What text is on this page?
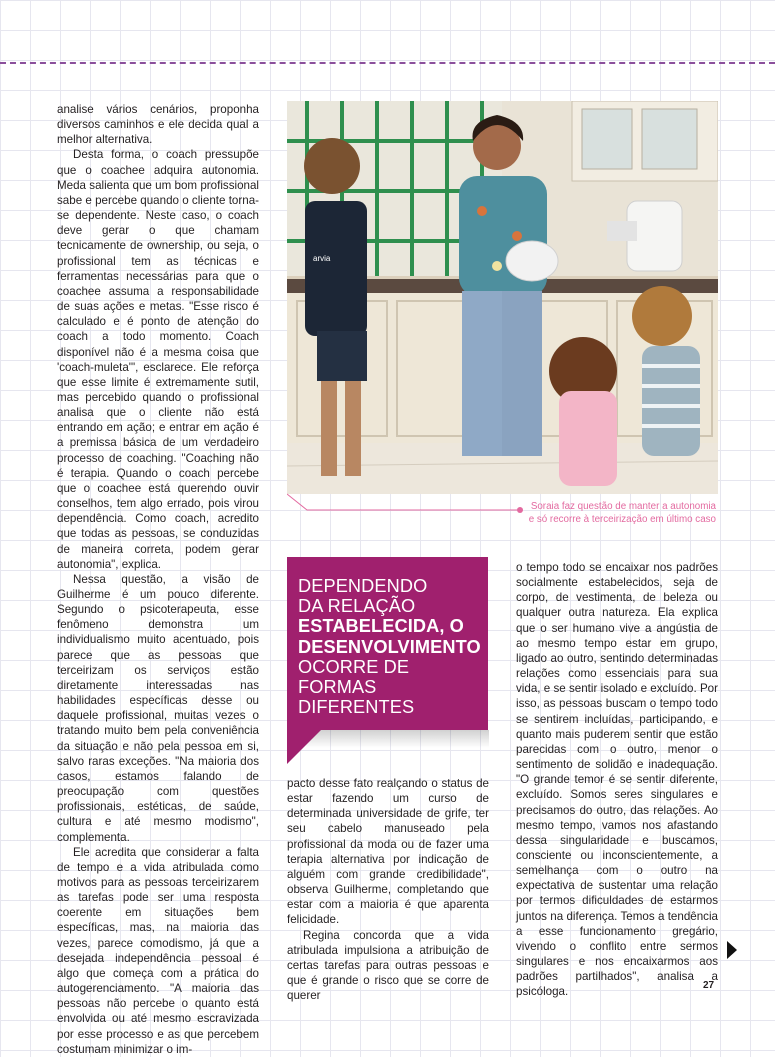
analise vários cenários, proponha diversos caminhos e ele decida qual a melhor alternativa.

Desta forma, o coach pressupõe que o coachee adquira autonomia. Meda salienta que um bom profissional sabe e percebe quando o cliente torna-se dependente. Neste caso, o coach deve gerar o que chamam tecnicamente de ownership, ou seja, o profissional tem as técnicas e ferramentas necessárias para que o coachee assuma a responsabilidade de suas ações e metas. "Esse risco é calculado e é ponto de atenção do coach a todo momento. Coach disponível não é a mesma coisa que 'coach-muleta'", esclarece. Ele reforça que esse limite é extremamente sutil, mas percebido quando o profissional analisa que o cliente não está entrando em ação; e entrar em ação é a premissa básica de um verdadeiro processo de coaching. "Coaching não é terapia. Quando o coach percebe que o coachee está querendo ouvir conselhos, tem algo errado, pois virou dependência. Como coach, acredito que todas as pessoas, se conduzidas de maneira correta, podem gerar autonomia", explica.

Nessa questão, a visão de Guilherme é um pouco diferente. Segundo o psicoterapeuta, esse fenômeno demonstra um individualismo muito acentuado, pois parece que as pessoas que terceirizam os serviços estão diretamente interessadas nas habilidades específicas desse ou daquele profissional, muitas vezes o tratando muito bem pela conveniência da situação e não pela pessoa em si, salvo raras exceções. "Na maioria dos casos, estamos falando de preocupação com questões profissionais, estéticas, de saúde, cultura e até mesmo modismo", complementa.

Ele acredita que considerar a falta de tempo e a vida atribulada como motivos para as pessoas terceirizarem as tarefas pode ser uma resposta coerente em situações bem específicas, mas, na maioria das vezes, parece comodismo, já que a desejada independência pessoal é algo que começa com a prática do autogerenciamento. "A maioria das pessoas não percebe o quanto está envolvida ou até mesmo escravizada por esse processo e as que percebem costumam minimizar o im-

arvia
Soraia faz questão de manter a autonomia
e só recorre à terceirização em último caso
DEPENDENDO
DA RELAÇÃO
ESTABELECIDA, O
DESENVOLVIMENTO
OCORRE DE FORMAS
DIFERENTES

pacto desse fato realçando o status de estar fazendo um curso de determinada universidade de grife, ter seu cabelo manuseado pela profissional da moda ou de fazer uma terapia alternativa por indicação de alguém com grande credibilidade", observa Guilherme, completando que estar com a maioria é que aparenta felicidade.

Regina concorda que a vida atribulada impulsiona a atribuição de certas tarefas para outras pessoas e que é grande o risco que se corre de querer

o tempo todo se encaixar nos padrões socialmente estabelecidos, seja de corpo, de vestimenta, de beleza ou qualquer outra natureza. Ela explica que o ser humano vive a angústia de ao mesmo tempo estar em grupo, ligado ao outro, sentindo determinadas relações como essenciais para sua vida, e se sentir isolado e excluído. Por isso, as pessoas buscam o tempo todo se sentirem incluídas, participando, e quanto mais puderem sentir que estão parecidas com o outro, menor o sentimento de solidão e inadequação. "O grande temor é se sentir diferente, excluído. Somos seres singulares e precisamos do outro, das relações. Ao mesmo tempo, vamos nos afastando dessa singularidade e buscamos, consciente ou inconscientemente, a semelhança com o outro na expectativa de sustentar uma relação por termos dificuldades de estarmos juntos na diferença. Temos a tendência a esse funcionamento gregário, vivendo o conflito entre sermos singulares e nos encaixarmos aos padrões partilhados", analisa a psicóloga.	27
